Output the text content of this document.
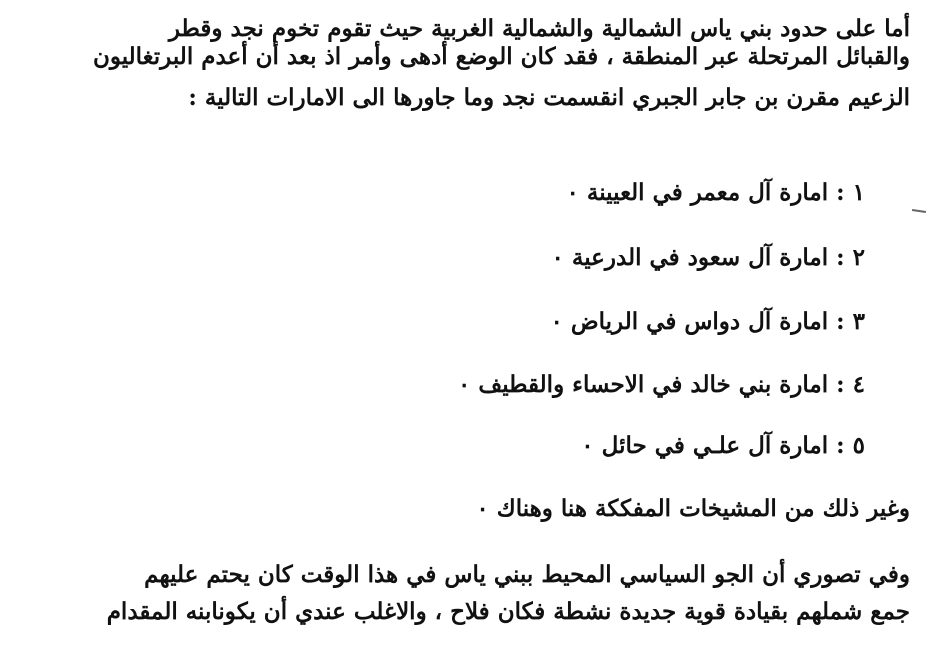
أما على حدود بني ياس الشمالية والشمالية الغربية حيث تقوم تخوم نجد وقطر
والقبائل المرتحلة عبر المنطقة ، فقد كان الوضع أدهى وأمر اذ بعد أن أعدم البرتغاليون
الزعيم مقرن بن جابر الجبري انقسمت نجد وما جاورها الى الامارات التالية :
١ : امارة آل معمر في العيينة ٠
٢ : امارة آل سعود في الدرعية ٠
٣ : امارة آل دواس في الرياض ٠
٤ : امارة بني خالد في الاحساء والقطيف ٠
٥ : امارة آل علـي في حائل ٠
وغير ذلك من المشيخات المفككة هنا وهناك ٠
وفي تصوري أن الجو السياسي المحيط ببني ياس في هذا الوقت كان يحتم عليهم
جمع شملهم بقيادة قوية جديدة نشطة فكان فلاح ، والاغلب عندي أن يكونابنه المقدام
